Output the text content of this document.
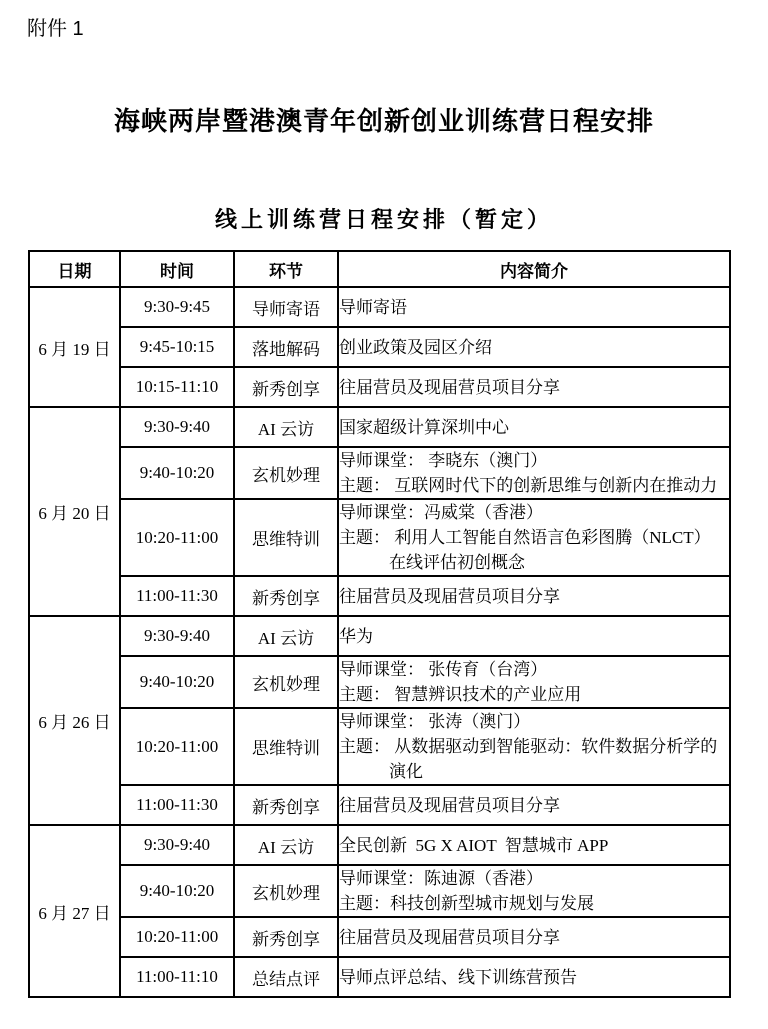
附件 1
海峡两岸暨港澳青年创新创业训练营日程安排
线上训练营日程安排（暂定）
日期	时间	环节	内容简介
6 月 19 日	9:30-9:45	导师寄语	导师寄语

	9:45-10:15	落地解码	创业政策及园区介绍

	10:15-11:10	新秀创享	往届营员及现届营员项目分享

6 月 20 日	9:30-9:40	AI 云访	国家超级计算深圳中心

	9:40-10:20	玄机妙理	导师课堂： 李晓东（澳门）
主题： 互联网时代下的创新思维与创新内在推动力

	10:20-11:00	思维特训	导师课堂：冯威棠（香港）
主题： 利用人工智能自然语言色彩图腾（NLCT）
在线评估初创概念

	11:00-11:30	新秀创享	往届营员及现届营员项目分享

6 月 26 日	9:30-9:40	AI 云访	华为

	9:40-10:20	玄机妙理	导师课堂： 张传育（台湾）
主题： 智慧辨识技术的产业应用

	10:20-11:00	思维特训	导师课堂： 张涛（澳门）
主题： 从数据驱动到智能驱动：软件数据分析学的
演化

	11:00-11:30	新秀创享	往届营员及现届营员项目分享

6 月 27 日	9:30-9:40	AI 云访	全民创新  5G X AIOT  智慧城市 APP

	9:40-10:20	玄机妙理	导师课堂：陈迪源（香港）
主题：科技创新型城市规划与发展

	10:20-11:00	新秀创享	往届营员及现届营员项目分享

	11:00-11:10	总结点评	导师点评总结、线下训练营预告
